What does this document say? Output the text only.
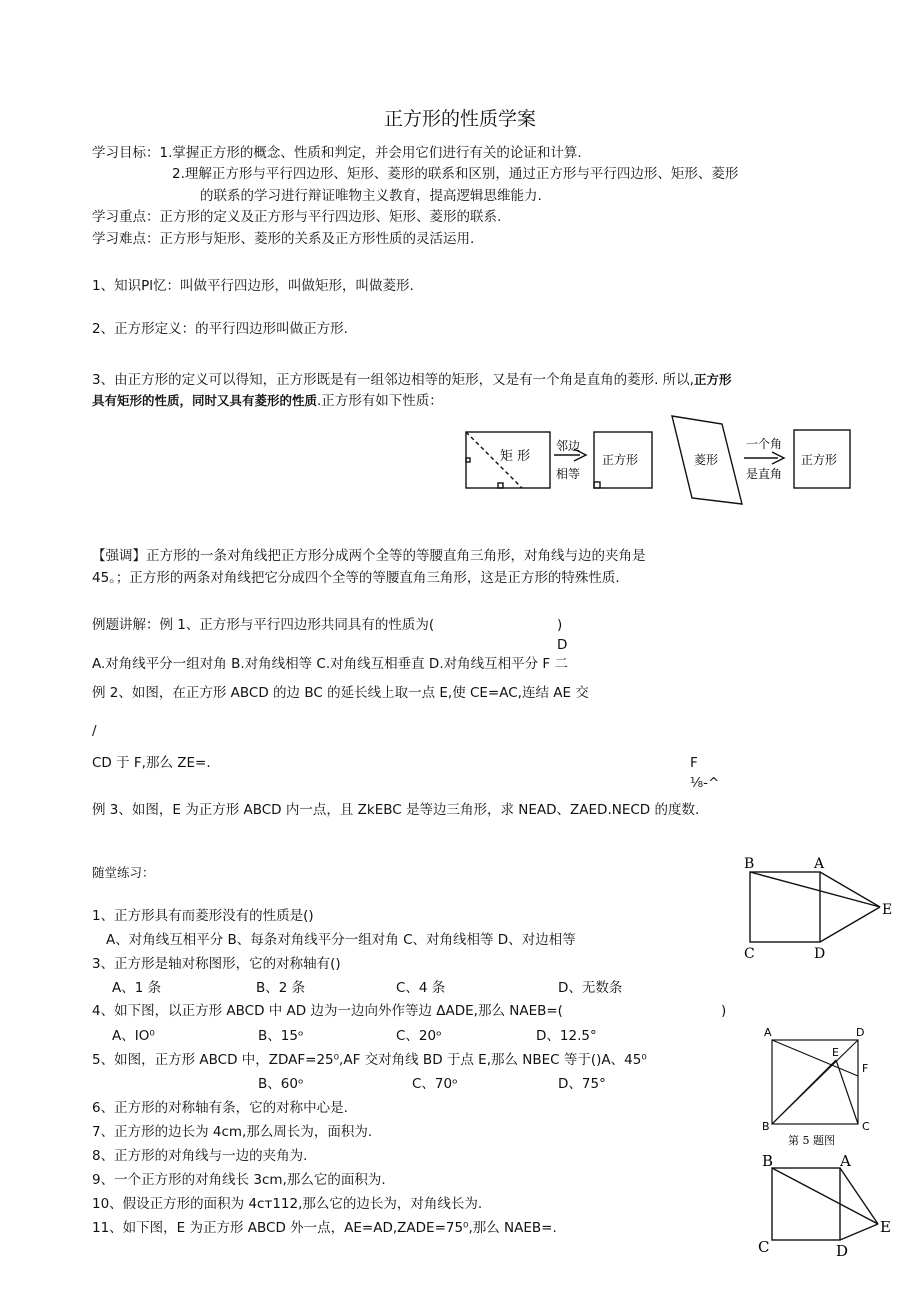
正方形的性质学案
学习目标：1.掌握正方形的概念、性质和判定，并会用它们进行有关的论证和计算.
2.理解正方形与平行四边形、矩形、菱形的联系和区别，通过正方形与平行四边形、矩形、菱形
的联系的学习进行辩证唯物主义教育，提高逻辑思维能力.
学习重点：正方形的定义及正方形与平行四边形、矩形、菱形的联系.
学习难点：正方形与矩形、菱形的关系及正方形性质的灵活运用.
1、知识Pl忆：叫做平行四边形，叫做矩形，叫做菱形.
2、正方形定义：的平行四边形叫做正方形.
3、由正方形的定义可以得知，正方形既是有一组邻边相等的矩形，又是有一个角是直角的菱形. 所以,正方形
具有矩形的性质，同时又具有菱形的性质.正方形有如下性质：
矩 形
邻边
相等
正方形	菱形
一个角
是直角
正方形
【强调】正方形的一条对角线把正方形分成两个全等的等腰直角三角形，对角线与边的夹角是
45。；正方形的两条对角线把它分成四个全等的等腰直角三角形，这是正方形的特殊性质.
例题讲解：例 1、正方形与平行四边形共同具有的性质为(	)
D
A.对角线平分一组对角 B.对角线相等 C.对角线互相垂直 D.对角线互相平分 F 二
例 2、如图，在正方形 ABCD 的边 BC 的延长线上取一点 E,使 CE=AC,连结 AE 交
/
CD 于 F,那么 ZE=.	F
⅛-^
例 3、如图，E 为正方形 ABCD 内一点，且 ZkEBC 是等边三角形，求 NEAD、ZAED.NECD 的度数.
随堂练习：
1、正方形具有而菱形没有的性质是()
A、对角线互相平分 B、每条对角线平分一组对角 C、对角线相等 D、对边相等
3、正方形是轴对称图形，它的对称轴有()
A、1 条	B、2 条	C、4 条	D、无数条
4、如下图，以正方形 ABCD 中 AD 边为一边向外作等边 ΔADE,那么 NAEB=(	)
A、IO⁰	B、15ᵒ	C、20ᵒ	D、12.5°
5、如图，正方形 ABCD 中，ZDAF=25⁰,AF 交对角线 BD 于点 E,那么 NBEC 等于()A、45⁰
B、60ᵒ	C、70ᵒ	D、75°
6、正方形的对称轴有条，它的对称中心是.
7、正方形的边长为 4cm,那么周长为，面积为.
8、正方形的对角线与一边的夹角为.
9、一个正方形的对角线长 3cm,那么它的面积为.
10、假设正方形的面积为 4cт112,那么它的边长为，对角线长为.
11、如下图，E 为正方形 ABCD 外一点，AE=AD,ZADE=75⁰,那么 NAEB=.
B	A
E
C	D
A	D
E
F
B	C
第 5 题图
B	A
E
C	D
